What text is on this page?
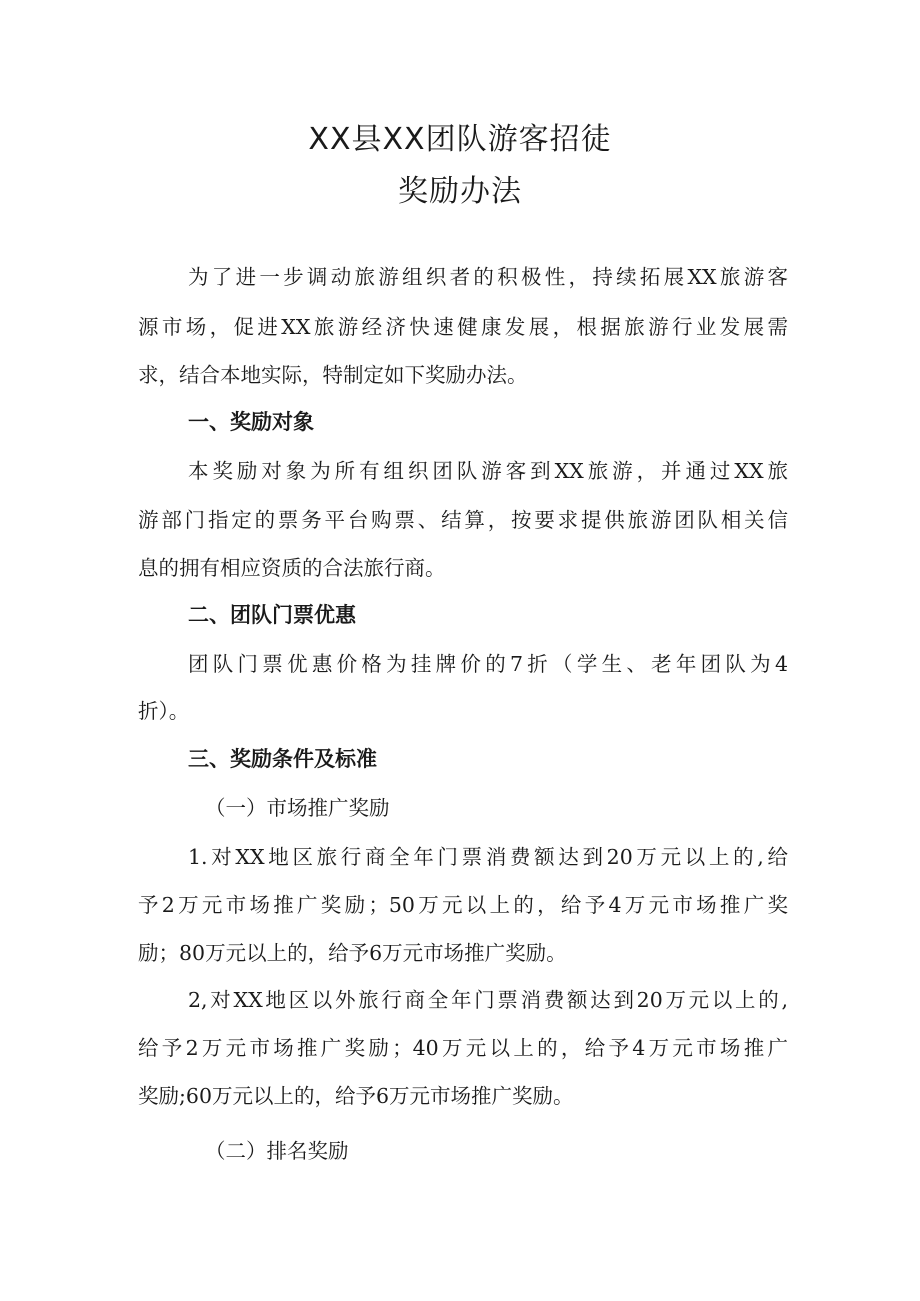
XX县XX团队游客招徒
奖励办法

为了进一步调动旅游组织者的积极性，持续拓展XX旅游客

源市场，促进XX旅游经济快速健康发展，根据旅游行业发展需

求，结合本地实际，特制定如下奖励办法。

一、奖励对象

本奖励对象为所有组织团队游客到XX旅游，并通过XX旅

游部门指定的票务平台购票、结算，按要求提供旅游团队相关信

息的拥有相应资质的合法旅行商。

二、团队门票优惠

团队门票优惠价格为挂牌价的7折（学生、老年团队为4

折）。

三、奖励条件及标准

（一）市场推广奖励

1.对XX地区旅行商全年门票消费额达到20万元以上的,给

予2万元市场推广奖励；50万元以上的，给予4万元市场推广奖

励；80万元以上的，给予6万元市场推广奖励。

2,对XX地区以外旅行商全年门票消费额达到20万元以上的,

给予2万元市场推广奖励；40万元以上的，给予4万元市场推广

奖励;60万元以上的，给予6万元市场推广奖励。

（二）排名奖励
